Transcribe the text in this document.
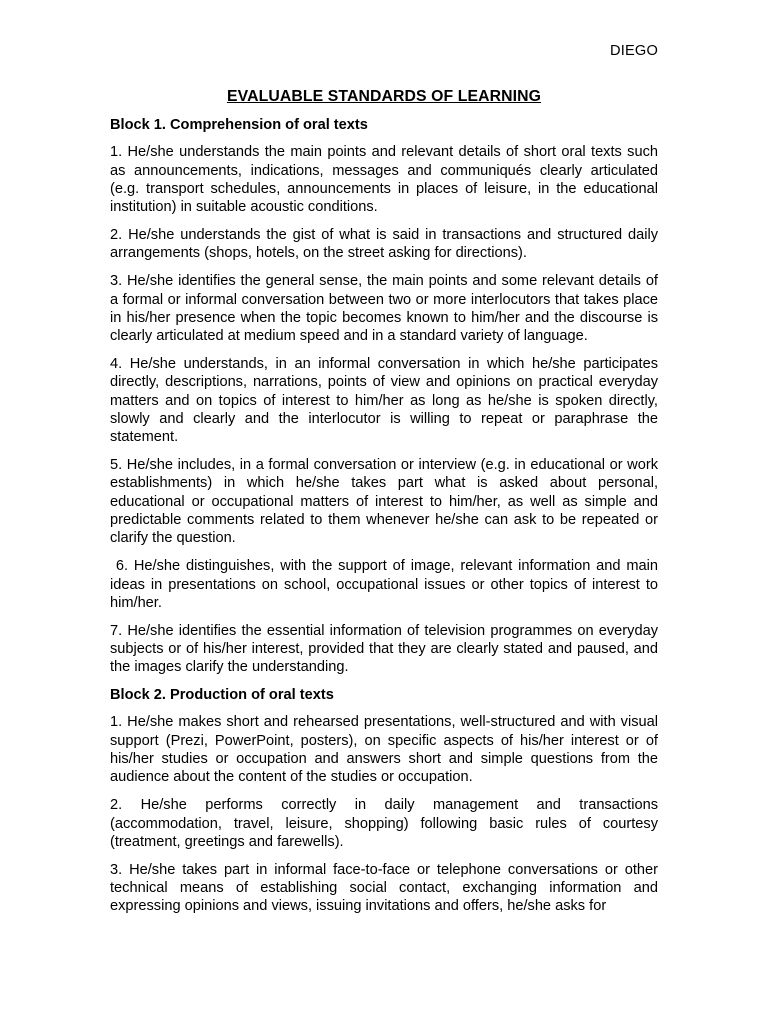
DIEGO
EVALUABLE STANDARDS OF LEARNING

Block 1. Comprehension of oral texts

1. He/she understands the main points and relevant details of short oral texts such as announcements, indications, messages and communiqués clearly articulated (e.g. transport schedules, announcements in places of leisure, in the educational institution) in suitable acoustic conditions.

2. He/she understands the gist of what is said in transactions and structured daily arrangements (shops, hotels, on the street asking for directions).

3. He/she identifies the general sense, the main points and some relevant details of a formal or informal conversation between two or more interlocutors that takes place in his/her presence when the topic becomes known to him/her and the discourse is clearly articulated at medium speed and in a standard variety of language.

4. He/she understands, in an informal conversation in which he/she participates directly, descriptions, narrations, points of view and opinions on practical everyday matters and on topics of interest to him/her as long as he/she is spoken directly, slowly and clearly and the interlocutor is willing to repeat or paraphrase the statement.

5. He/she includes, in a formal conversation or interview (e.g. in educational or work establishments) in which he/she takes part what is asked about personal, educational or occupational matters of interest to him/her, as well as simple and predictable comments related to them whenever he/she can ask to be repeated or clarify the question.

6. He/she distinguishes, with the support of image, relevant information and main ideas in presentations on school, occupational issues or other topics of interest to him/her.

7. He/she identifies the essential information of television programmes on everyday subjects or of his/her interest, provided that they are clearly stated and paused, and the images clarify the understanding.

Block 2. Production of oral texts

1. He/she makes short and rehearsed presentations, well-structured and with visual support (Prezi, PowerPoint, posters), on specific aspects of his/her interest or of his/her studies or occupation and answers short and simple questions from the audience about the content of the studies or occupation.

2. He/she performs correctly in daily management and transactions (accommodation, travel, leisure, shopping) following basic rules of courtesy (treatment, greetings and farewells).

3. He/she takes part in informal face-to-face or telephone conversations or other technical means of establishing social contact, exchanging information and expressing opinions and views, issuing invitations and offers, he/she asks for
